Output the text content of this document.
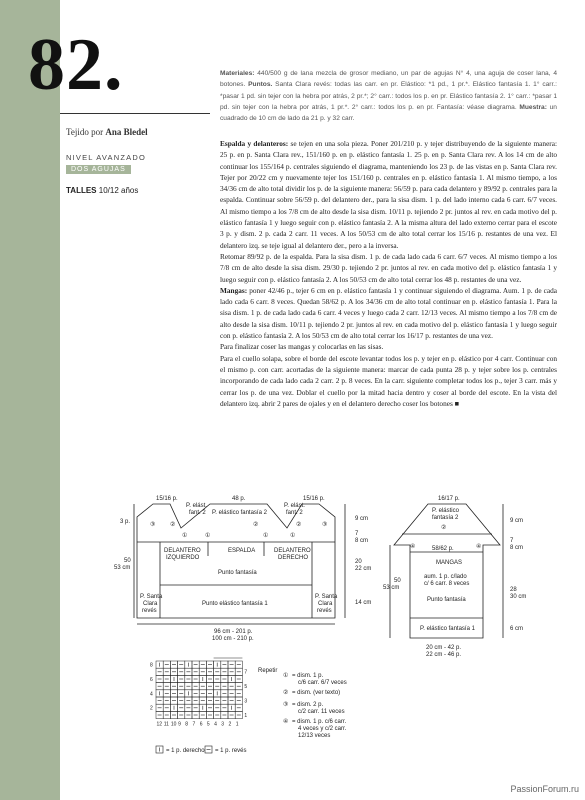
82.
Tejido por Ana Bledel
NIVEL AVANZADO
DOS AGUJAS
TALLES 10/12 años
Materiales: 440/500 g de lana mezcla de grosor mediano, un par de agujas N° 4, una aguja de coser lana, 4 botones. Puntos. Santa Clara revés: todas las carr. en pr. Elástico: *1 pd., 1 pr.*. Elástico fantasía 1. 1° carr.: *pasar 1 pd. sin tejer con la hebra por atrás, 2 pr.*; 2° carr.: todos los p. en pr. Elástico fantasía 2. 1° carr.: *pasar 1 pd. sin tejer con la hebra por atrás, 1 pr.*. 2° carr.: todos los p. en pr. Fantasía: véase diagrama. Muestra: un cuadrado de 10 cm de lado da 21 p. y 32 carr.

Espalda y delanteros: se tejen en una sola pieza. Poner 201/210 p. y tejer distribuyendo de la siguiente manera: 25 p. en p. Santa Clara rev., 151/160 p. en p. elástico fantasía 1. 25 p. en p. Santa Clara rev. A los 14 cm de alto continuar los 155/164 p. centrales siguiendo el diagrama, manteniendo los 23 p. de las vistas en p. Santa Clara rev. Tejer por 20/22 cm y nuevamente tejer los 151/160 p. centrales en p. elástico fantasía 1. Al mismo tiempo, a los 34/36 cm de alto total dividir los p. de la siguiente manera: 56/59 p. para cada delantero y 89/92 p. centrales para la espalda. Continuar sobre 56/59 p. del delantero der., para la sisa dism. 1 p. del lado interno cada 6 carr. 6/7 veces. Al mismo tiempo a los 7/8 cm de alto desde la sisa dism. 10/11 p. tejiendo 2 pr. juntos al rev. en cada motivo del p. elástico fantasía 1 y luego seguir con p. elástico fantasía 2. A la misma altura del lado externo cerrar para el escote 3 p. y dism. 2 p. cada 2 carr. 11 veces. A los 50/53 cm de alto total cerrar los 15/16 p. restantes de una vez. El delantero izq. se teje igual al delantero der., pero a la inversa.

Retomar 89/92 p. de la espalda. Para la sisa dism. 1 p. de cada lado cada 6 carr. 6/7 veces. Al mismo tiempo a los 7/8 cm de alto desde la sisa dism. 29/30 p. tejiendo 2 pr. juntos al rev. en cada motivo del p. elástico fantasía 1 y luego seguir con p. elástico fantasía 2. A los 50/53 cm de alto total cerrar los 48 p. restantes de una vez.

Mangas: poner 42/46 p., tejer 6 cm en p. elástico fantasía 1 y continuar siguiendo el diagrama. Aum. 1 p. de cada lado cada 6 carr. 8 veces. Quedan 58/62 p. A los 34/36 cm de alto total continuar en p. elástico fantasía 1. Para la sisa dism. 1 p. de cada lado cada 6 carr. 4 veces y luego cada 2 carr. 12/13 veces. Al mismo tiempo a los 7/8 cm de alto desde la sisa dism. 10/11 p. tejiendo 2 pr. juntos al rev. en cada motivo del p. elástico fantasía 1 y luego seguir con p. elástico fantasía 2. A los 50/53 cm de alto total cerrar los 16/17 p. restantes de una vez.

Para finalizar coser las mangas y colocarlas en las sisas.

Para el cuello solapa, sobre el borde del escote levantar todos los p. y tejer en p. elástico por 4 carr. Continuar con el mismo p. con carr. acortadas de la siguiente manera: marcar de cada punta 28 p. y tejer sobre los p. centrales incorporando de cada lado cada 2 carr. 2 p. 8 veces. En la carr. siguiente completar todos los p., tejer 3 carr. más y cerrar los p. de una vez. Doblar el cuello por la mitad hacia dentro y coser al borde del escote. En la vista del delantero izq. abrir 2 pares de ojales y en el delantero derecho coser los botones ■

15/16 p.	48 p.	15/16 p.
P. elást.
fant. 2 P. elástico fantasía 2
P. elást.
fant. 2
3 p.
DELANTERO
IZQUIERDO
ESPALDA	DELANTERO
DERECHO
Punto fantasía
Punto elástico fantasía 1
P. Santa
Clara
revés
P. Santa
Clara
revés
50
53 cm
9 cm
7
8 cm
20
22 cm
14 cm
96 cm - 201 p.
100 cm - 210 p.
②	②	②
③	③
①	①
①	①
16/17 p.
P. elástico
fantasía 2
②
④	④
58/62 p.
MANGAS
aum. 1 p. c/lado
c/ 6 carr. 8 veces
Punto fantasía
P. elástico fantasía 1
20 cm - 42 p.
22 cm - 46 p.
50
53 cm
9 cm
7
8 cm
28
30 cm
6 cm
8
7
6
5
4
3
2
1
12 11 10 9 8 7 6 5 4 3 2 1
Repetir
① = dism. 1 p.
c/6 carr. 6/7 veces
② = dism. (ver texto)
③ = dism. 2 p.
c/2 carr. 11 veces
④ = dism. 1 p. c/6 carr.
4 veces y c/2 carr.
12/13 veces
= 1 p. derecho = 1 p. revés
PassionForum.ru
